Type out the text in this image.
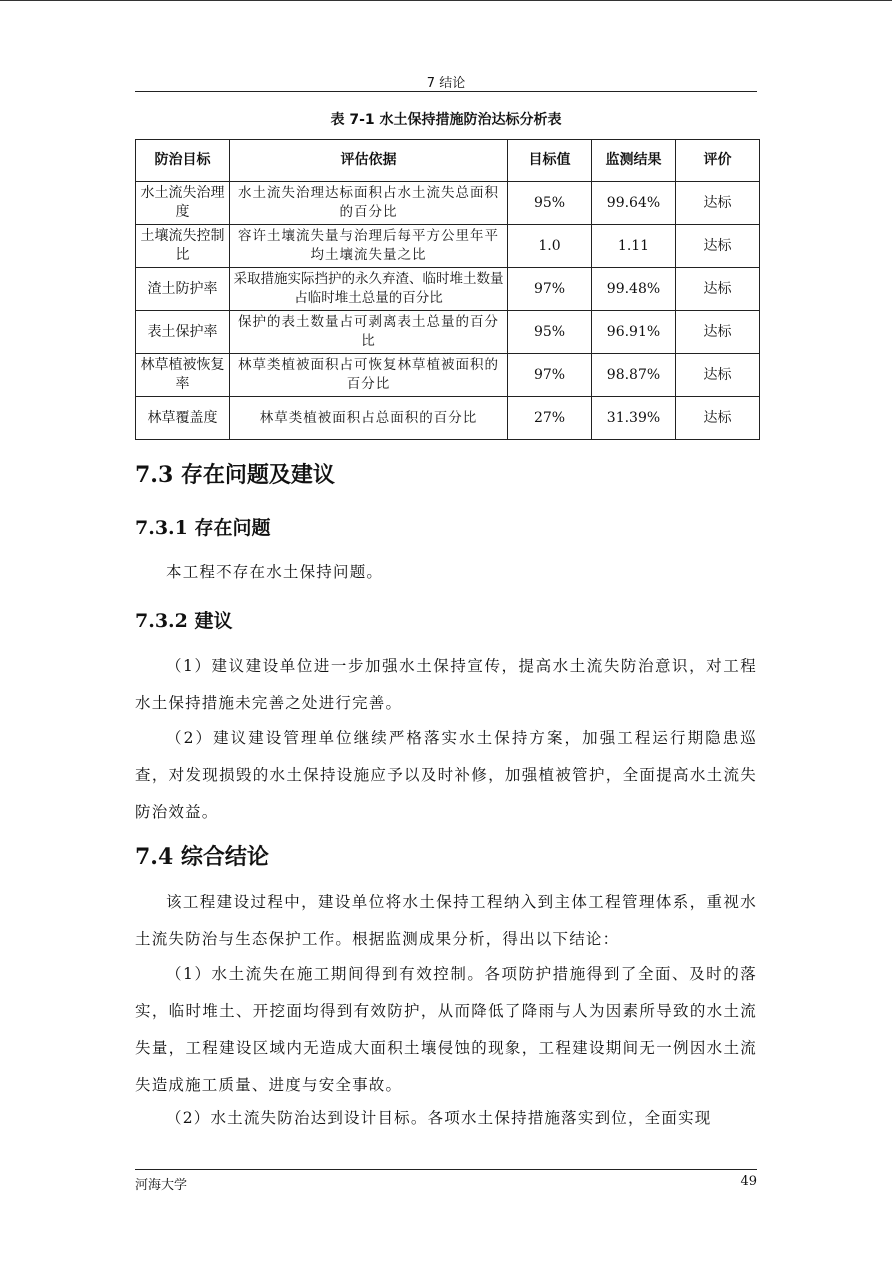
7 结论
表 7-1 水土保持措施防治达标分析表
防治目标	评估依据	目标值	监测结果	评价
水土流失治理度	水土流失治理达标面积占水土流失总面积的百分比	95%	99.64%	达标
土壤流失控制比	容许土壤流失量与治理后每平方公里年平均土壤流失量之比	1.0	1.11	达标
渣土防护率	采取措施实际挡护的永久弃渣、临时堆土数量占临时堆土总量的百分比	97%	99.48%	达标
表土保护率	保护的表土数量占可剥离表土总量的百分比	95%	96.91%	达标
林草植被恢复率	林草类植被面积占可恢复林草植被面积的百分比	97%	98.87%	达标
林草覆盖度	林草类植被面积占总面积的百分比	27%	31.39%	达标
7.3 存在问题及建议
7.3.1 存在问题

本工程不存在水土保持问题。

7.3.2 建议

（1）建议建设单位进一步加强水土保持宣传，提高水土流失防治意识，对工程水土保持措施未完善之处进行完善。

（2）建议建设管理单位继续严格落实水土保持方案，加强工程运行期隐患巡查，对发现损毁的水土保持设施应予以及时补修，加强植被管护，全面提高水土流失防治效益。

7.4 综合结论

该工程建设过程中，建设单位将水土保持工程纳入到主体工程管理体系，重视水土流失防治与生态保护工作。根据监测成果分析，得出以下结论：

（1）水土流失在施工期间得到有效控制。各项防护措施得到了全面、及时的落实，临时堆土、开挖面均得到有效防护，从而降低了降雨与人为因素所导致的水土流失量，工程建设区域内无造成大面积土壤侵蚀的现象，工程建设期间无一例因水土流失造成施工质量、进度与安全事故。

（2）水土流失防治达到设计目标。各项水土保持措施落实到位，全面实现

河海大学	49
